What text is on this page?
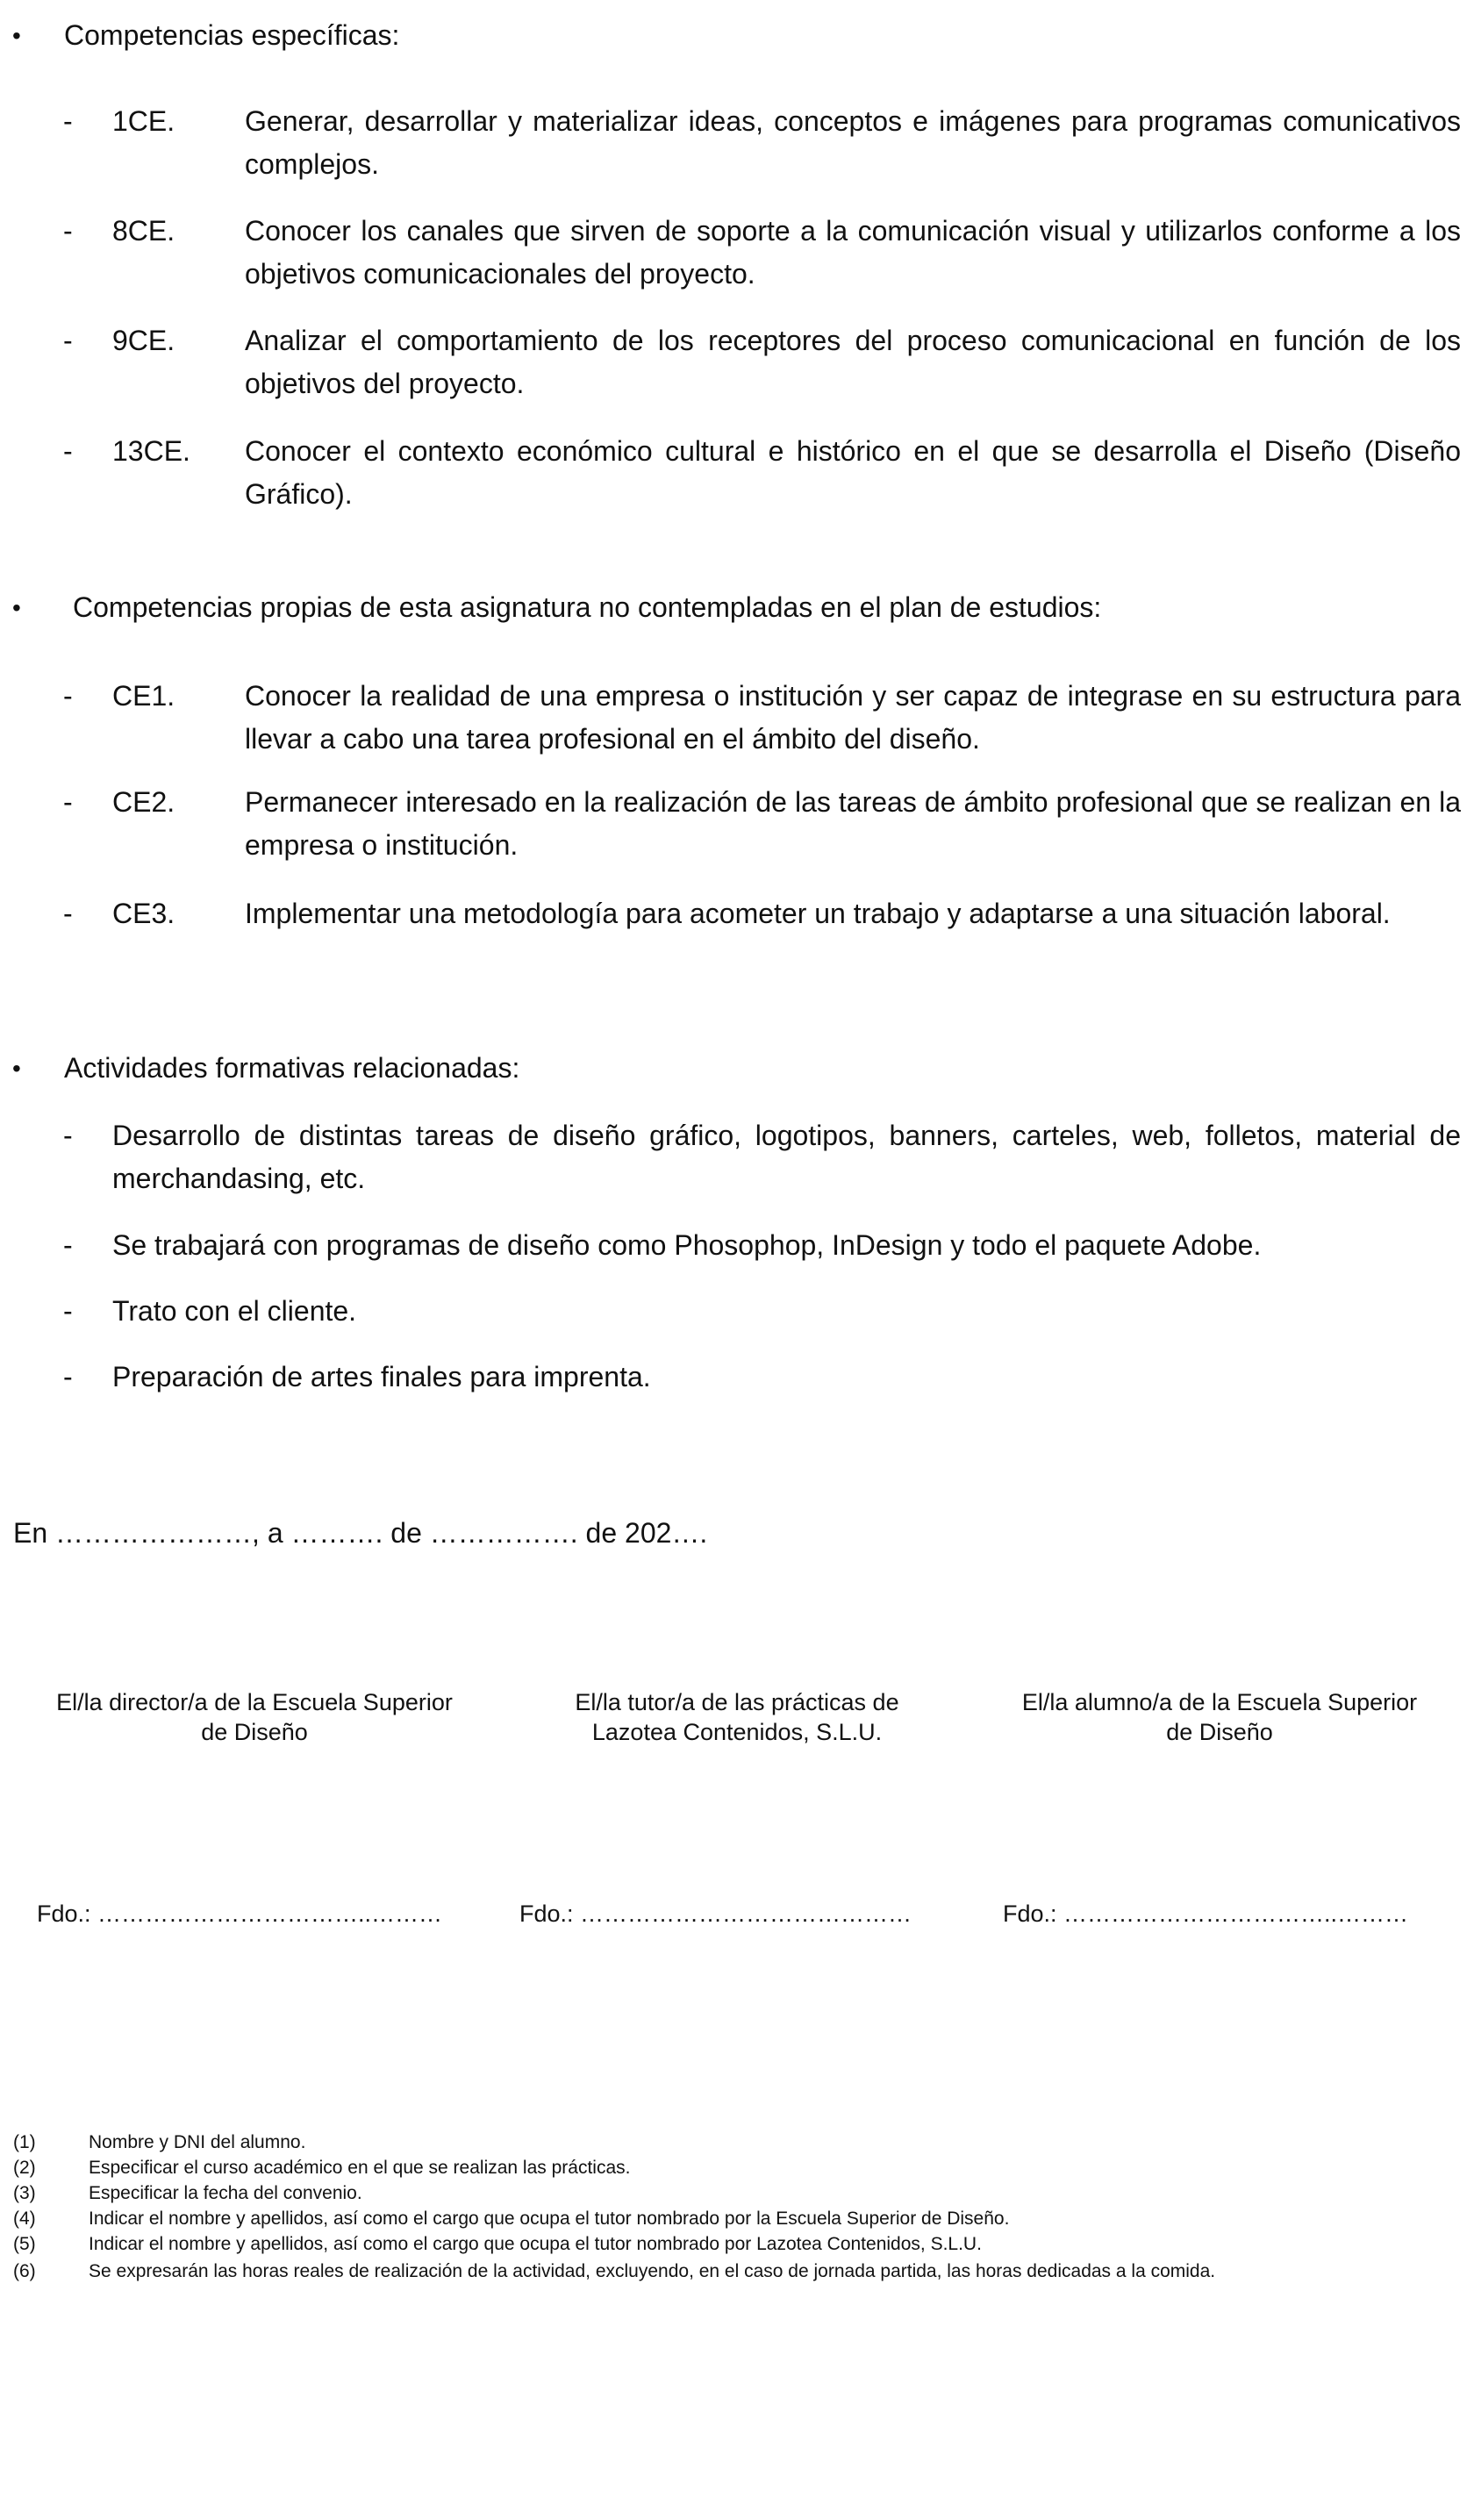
• Competencias específicas:
- 1CE. Generar, desarrollar y materializar ideas, conceptos e imágenes para programas comunicativos complejos.
- 8CE. Conocer los canales que sirven de soporte a la comunicación visual y utilizarlos conforme a los objetivos comunicacionales del proyecto.
- 9CE. Analizar el comportamiento de los receptores del proceso comunicacional en función de los objetivos del proyecto.
- 13CE. Conocer el contexto económico cultural e histórico en el que se desarrolla el Diseño (Diseño Gráfico).
• Competencias propias de esta asignatura no contempladas en el plan de estudios:
- CE1. Conocer la realidad de una empresa o institución y ser capaz de integrase en su estructura para llevar a cabo una tarea profesional en el ámbito del diseño.
- CE2. Permanecer interesado en la realización de las tareas de ámbito profesional que se realizan en la empresa o institución.
- CE3. Implementar una metodología para acometer un trabajo y adaptarse a una situación laboral.
• Actividades formativas relacionadas:
- Desarrollo de distintas tareas de diseño gráfico, logotipos, banners, carteles, web, folletos, material de merchandasing, etc.
- Se trabajará con programas de diseño como Phosophop, InDesign y todo el paquete Adobe.
- Trato con el cliente.
- Preparación de artes finales para imprenta.
En …………………, a ………. de ……………. de 202….
El/la director/a de la Escuela Superior
de Diseño
El/la tutor/a de las prácticas de
Lazotea Contenidos, S.L.U.
El/la alumno/a de la Escuela Superior
de Diseño
Fdo.: ……………………………..………	Fdo.: ……………………………………	Fdo.: ……………………………..………
(1)	Nombre y DNI del alumno.
(2)	Especificar el curso académico en el que se realizan las prácticas.
(3)	Especificar la fecha del convenio.
(4)	Indicar el nombre y apellidos, así como el cargo que ocupa el tutor nombrado por la Escuela Superior de Diseño.
(5)	Indicar el nombre y apellidos, así como el cargo que ocupa el tutor nombrado por Lazotea Contenidos, S.L.U.
(6)	Se expresarán las horas reales de realización de la actividad, excluyendo, en el caso de jornada partida, las horas dedicadas a la comida.
